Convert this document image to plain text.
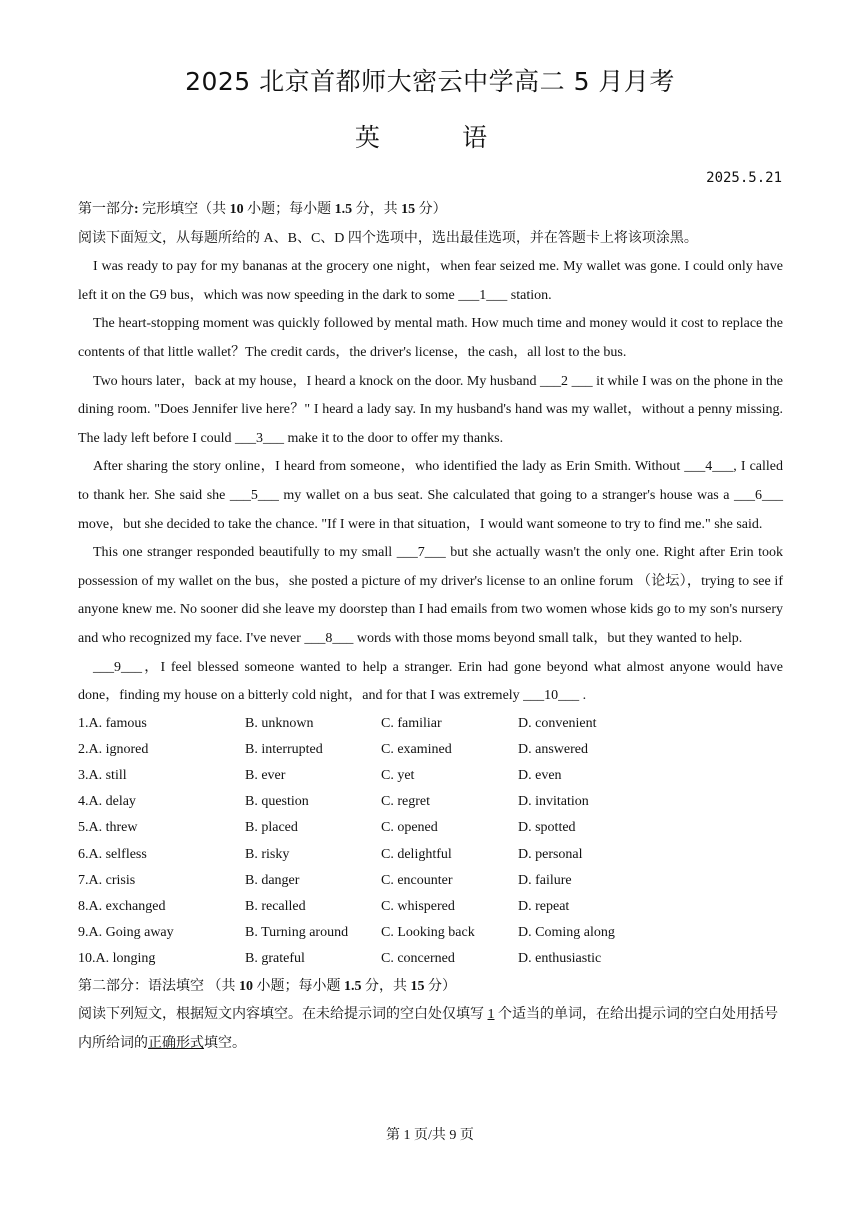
2025 北京首都师大密云中学高二 5 月月考
英 语
2025.5.21
第一部分: 完形填空（共 10 小题；每小题 1.5 分，共 15 分）
阅读下面短文，从每题所给的 A、B、C、D 四个选项中，选出最佳选项，并在答题卡上将该项涂黑。

I was ready to pay for my bananas at the grocery one night，when fear seized me. My wallet was gone. I could only have left it on the G9 bus，which was now speeding in the dark to some ___1___ station.

The heart-stopping moment was quickly followed by mental math. How much time and money would it cost to replace the contents of that little wallet？The credit cards，the driver's license，the cash，all lost to the bus.

Two hours later，back at my house，I heard a knock on the door. My husband ___2 ___ it while I was on the phone in the dining room. "Does Jennifer live here？" I heard a lady say. In my husband's hand was my wallet，without a penny missing. The lady left before I could ___3___ make it to the door to offer my thanks.

After sharing the story online，I heard from someone，who identified the lady as Erin Smith. Without ___4___, I called to thank her. She said she ___5___ my wallet on a bus seat. She calculated that going to a stranger's house was a ___6___ move，but she decided to take the chance. "If I were in that situation，I would want someone to try to find me." she said.

This one stranger responded beautifully to my small ___7___ but she actually wasn't the only one. Right after Erin took possession of my wallet on the bus，she posted a picture of my driver's license to an online forum （论坛），trying to see if anyone knew me. No sooner did she leave my doorstep than I had emails from two women whose kids go to my son's nursery and who recognized my face. I've never ___8___ words with those moms beyond small talk，but they wanted to help.

___9___，I feel blessed someone wanted to help a stranger. Erin had gone beyond what almost anyone would have done，finding my house on a bitterly cold night，and for that I was extremely ___10___ .

1.A. famous	B. unknown	C. familiar	D. convenient
2.A. ignored	B. interrupted	C. examined	D. answered
3.A. still	B. ever	C. yet	D. even
4.A. delay	B. question	C. regret	D. invitation
5.A. threw	B. placed	C. opened	D. spotted
6.A. selfless	B. risky	C. delightful	D. personal
7.A. crisis	B. danger	C. encounter	D. failure
8.A. exchanged	B. recalled	C. whispered	D. repeat
9.A. Going away	B. Turning around	C. Looking back	D. Coming along
10.A. longing	B. grateful	C. concerned	D. enthusiastic
第二部分：语法填空 （共 10 小题；每小题 1.5 分，共 15 分）
阅读下列短文，根据短文内容填空。在未给提示词的空白处仅填写 1 个适当的单词，在给出提示词的空白处用括号内所给词的正确形式填空。
第 1 页/共 9 页
